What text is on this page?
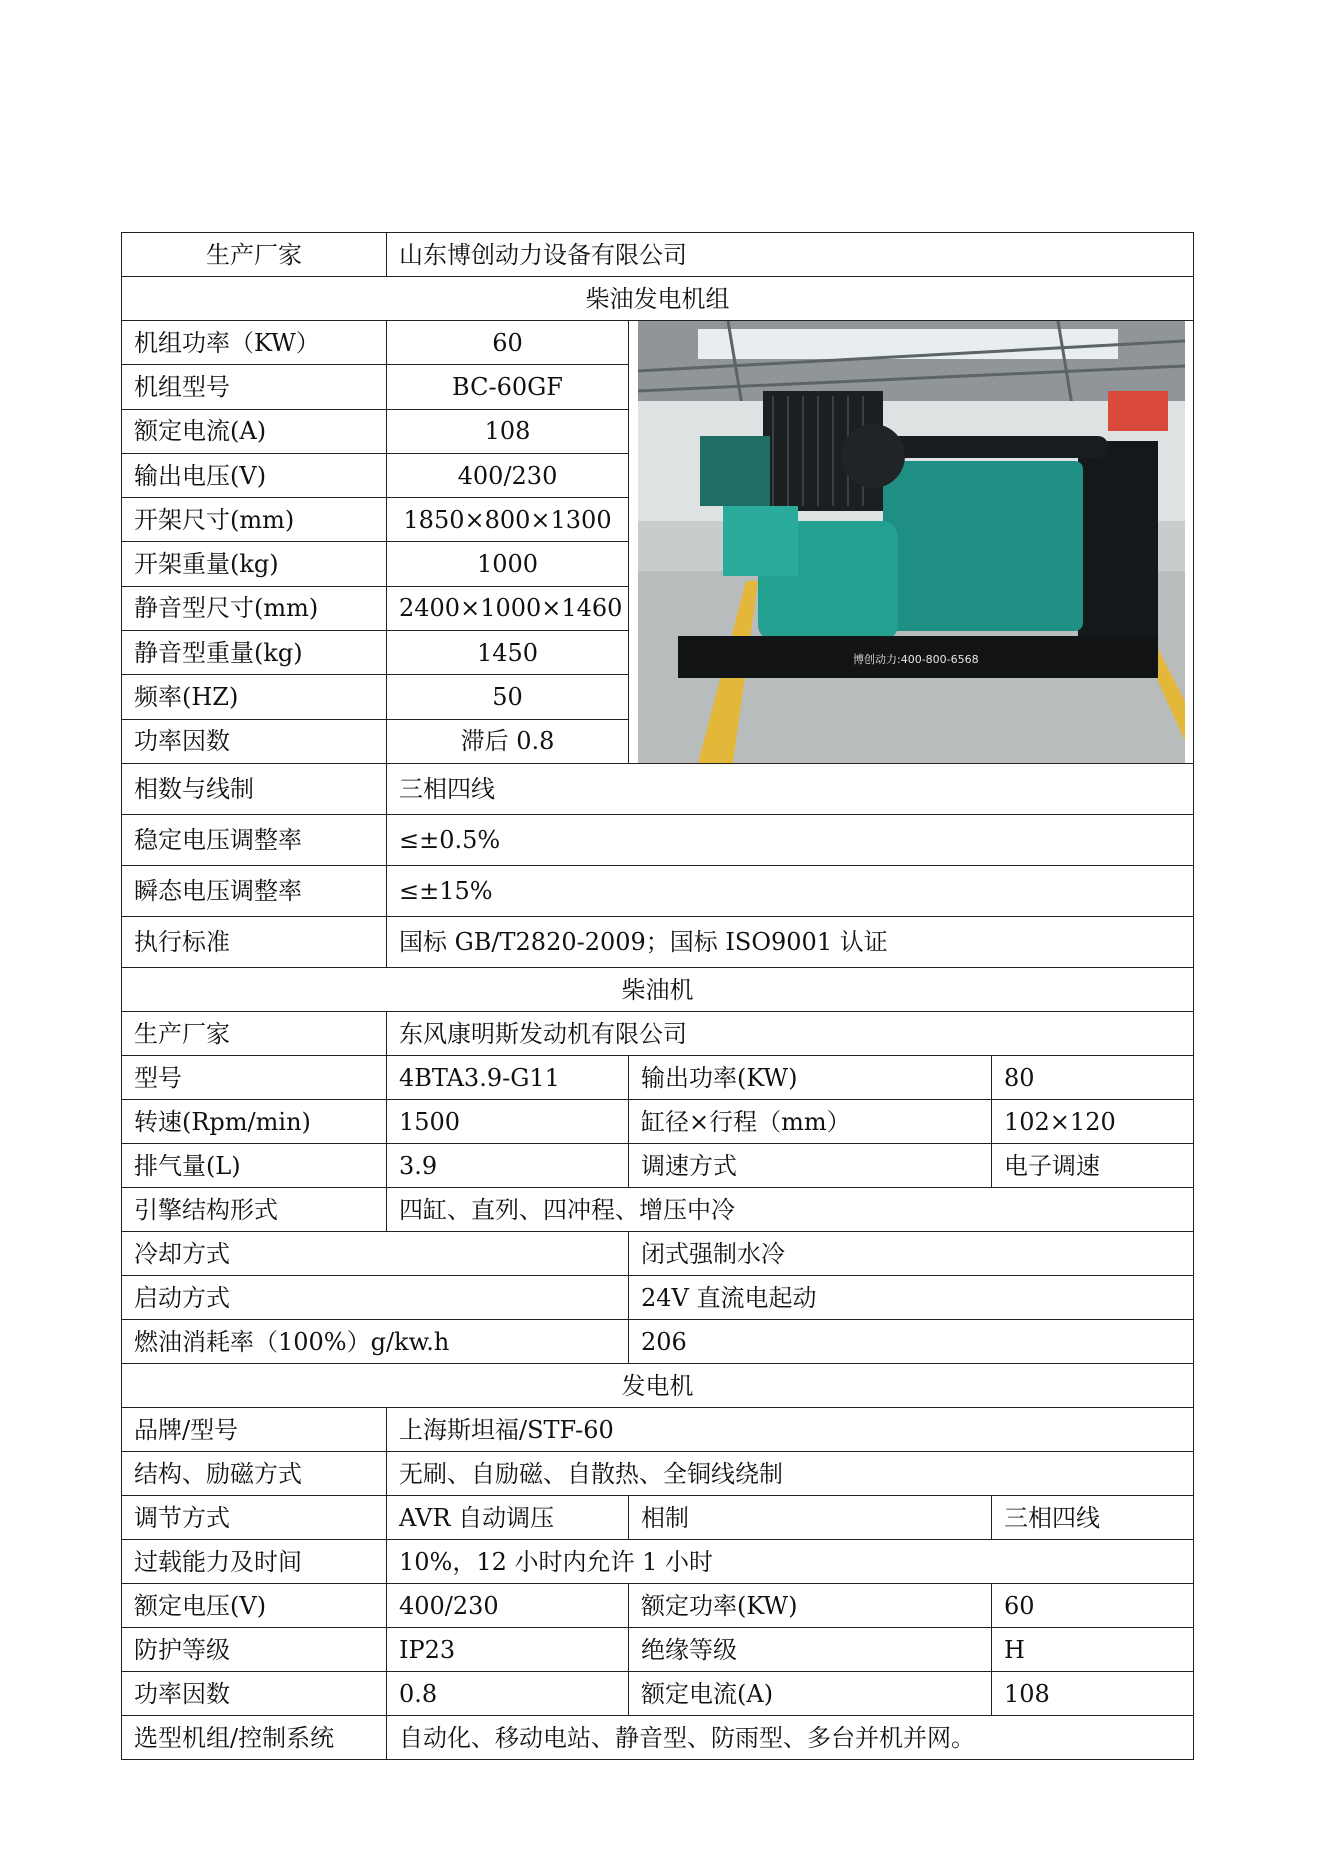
生产厂家	山东博创动力设备有限公司		
柴油发电机组			
机组功率（KW）	60	博创动力:400-800-6568	

机组型号	BC-60GF		
额定电流(A)	108		
输出电压(V)	400/230		
开架尺寸(mm)	1850×800×1300		
开架重量(kg)	1000		
静音型尺寸(mm)	2400×1000×1460		
静音型重量(kg)	1450		
频率(HZ)	50		
功率因数	滞后 0.8		
相数与线制	三相四线		
稳定电压调整率	≤±0.5%		
瞬态电压调整率	≤±15%		
执行标准	国标 GB/T2820-2009；国标 ISO9001 认证		
柴油机			
生产厂家	东风康明斯发动机有限公司		
型号	4BTA3.9-G11	输出功率(KW)	80
转速(Rpm/min)	1500	缸径×行程（mm）	102×120
排气量(L)	3.9	调速方式	电子调速
引擎结构形式	四缸、直列、四冲程、增压中冷		
冷却方式		闭式强制水冷	
启动方式		24V 直流电起动	
燃油消耗率（100%）g/kw.h		206	
发电机			
品牌/型号	上海斯坦福/STF-60		
结构、励磁方式	无刷、自励磁、自散热、全铜线绕制		
调节方式	AVR 自动调压	相制	三相四线
过载能力及时间	10%，12 小时内允许 1 小时		
额定电压(V)	400/230	额定功率(KW)	60
防护等级	IP23	绝缘等级	H
功率因数	0.8	额定电流(A)	108
选型机组/控制系统	自动化、移动电站、静音型、防雨型、多台并机并网。		
